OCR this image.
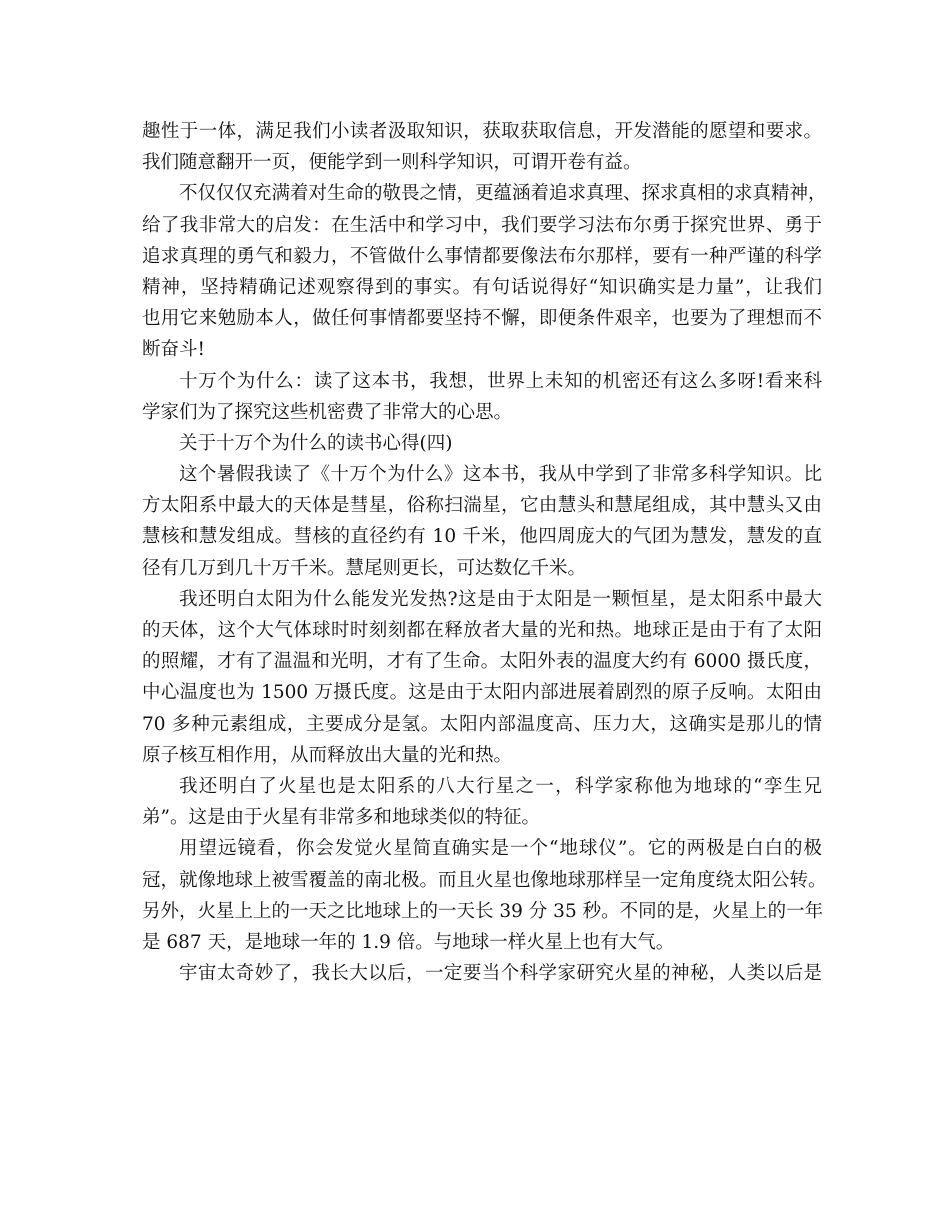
趣性于一体，满足我们小读者汲取知识，获取获取信息，开发潜能的愿望和要求。
我们随意翻开一页，便能学到一则科学知识，可谓开卷有益。
不仅仅仅充满着对生命的敬畏之情，更蕴涵着追求真理、探求真相的求真精神，
给了我非常大的启发：在生活中和学习中，我们要学习法布尔勇于探究世界、勇于
追求真理的勇气和毅力，不管做什么事情都要像法布尔那样，要有一种严谨的科学
精神，坚持精确记述观察得到的事实。有句话说得好“知识确实是力量”，让我们
也用它来勉励本人，做任何事情都要坚持不懈，即便条件艰辛，也要为了理想而不
断奋斗!
十万个为什么：读了这本书，我想，世界上未知的机密还有这么多呀!看来科
学家们为了探究这些机密费了非常大的心思。
关于十万个为什么的读书心得(四)
这个暑假我读了《十万个为什么》这本书，我从中学到了非常多科学知识。比
方太阳系中最大的天体是彗星，俗称扫湍星，它由慧头和慧尾组成，其中慧头又由
慧核和慧发组成。彗核的直径约有 10 千米，他四周庞大的气团为慧发，慧发的直
径有几万到几十万千米。慧尾则更长，可达数亿千米。
我还明白太阳为什么能发光发热?这是由于太阳是一颗恒星，是太阳系中最大
的天体，这个大气体球时时刻刻都在释放者大量的光和热。地球正是由于有了太阳
的照耀，才有了温温和光明，才有了生命。太阳外表的温度大约有 6000 摄氏度，
中心温度也为 1500 万摄氏度。这是由于太阳内部进展着剧烈的原子反响。太阳由
70 多种元素组成，主要成分是氢。太阳内部温度高、压力大，这确实是那儿的情
原子核互相作用，从而释放出大量的光和热。
我还明白了火星也是太阳系的八大行星之一，科学家称他为地球的“孪生兄
弟”。这是由于火星有非常多和地球类似的特征。
用望远镜看，你会发觉火星简直确实是一个“地球仪”。它的两极是白白的极
冠，就像地球上被雪覆盖的南北极。而且火星也像地球那样呈一定角度绕太阳公转。
另外，火星上上的一天之比地球上的一天长 39 分 35 秒。不同的是，火星上的一年
是 687 天，是地球一年的 1.9 倍。与地球一样火星上也有大气。
宇宙太奇妙了，我长大以后，一定要当个科学家研究火星的神秘，人类以后是
